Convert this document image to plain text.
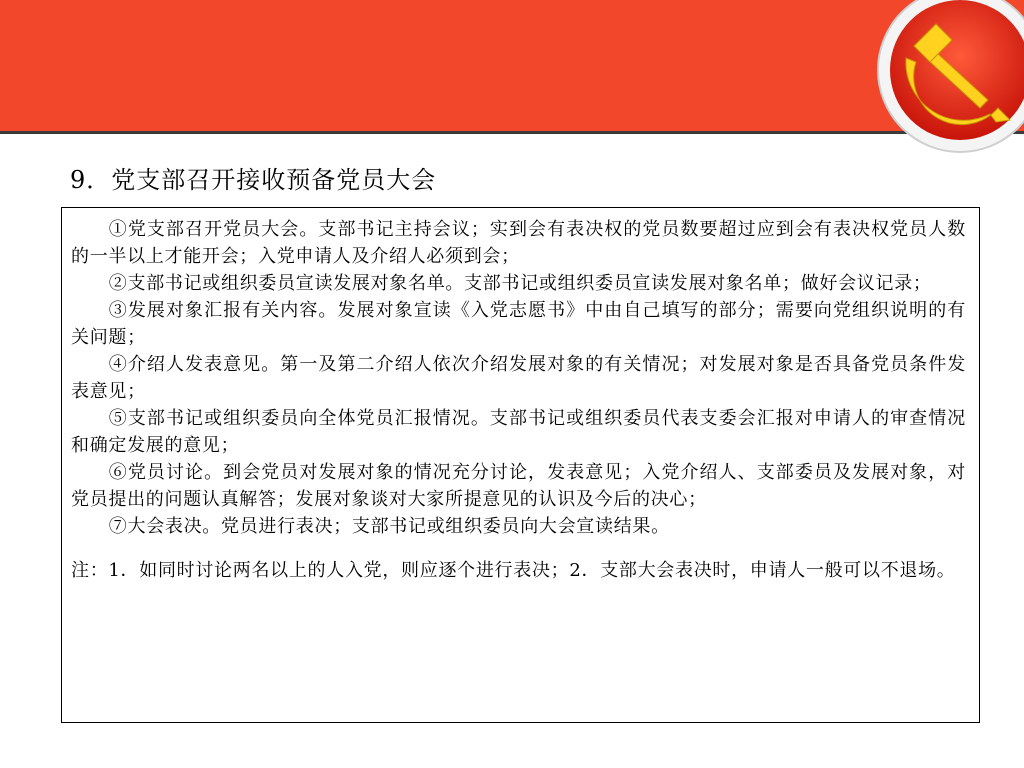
9．党支部召开接收预备党员大会

①党支部召开党员大会。支部书记主持会议；实到会有表决权的党员数要超过应到会有表决权党员人数的一半以上才能开会；入党申请人及介绍人必须到会；

②支部书记或组织委员宣读发展对象名单。支部书记或组织委员宣读发展对象名单；做好会议记录；

③发展对象汇报有关内容。发展对象宣读《入党志愿书》中由自己填写的部分；需要向党组织说明的有关问题；

④介绍人发表意见。第一及第二介绍人依次介绍发展对象的有关情况；对发展对象是否具备党员条件发表意见；

⑤支部书记或组织委员向全体党员汇报情况。支部书记或组织委员代表支委会汇报对申请人的审查情况和确定发展的意见；

⑥党员讨论。到会党员对发展对象的情况充分讨论，发表意见；入党介绍人、支部委员及发展对象，对党员提出的问题认真解答；发展对象谈对大家所提意见的认识及今后的决心；

⑦大会表决。党员进行表决；支部书记或组织委员向大会宣读结果。

注：1．如同时讨论两名以上的人入党，则应逐个进行表决；2．支部大会表决时，申请人一般可以不退场。
